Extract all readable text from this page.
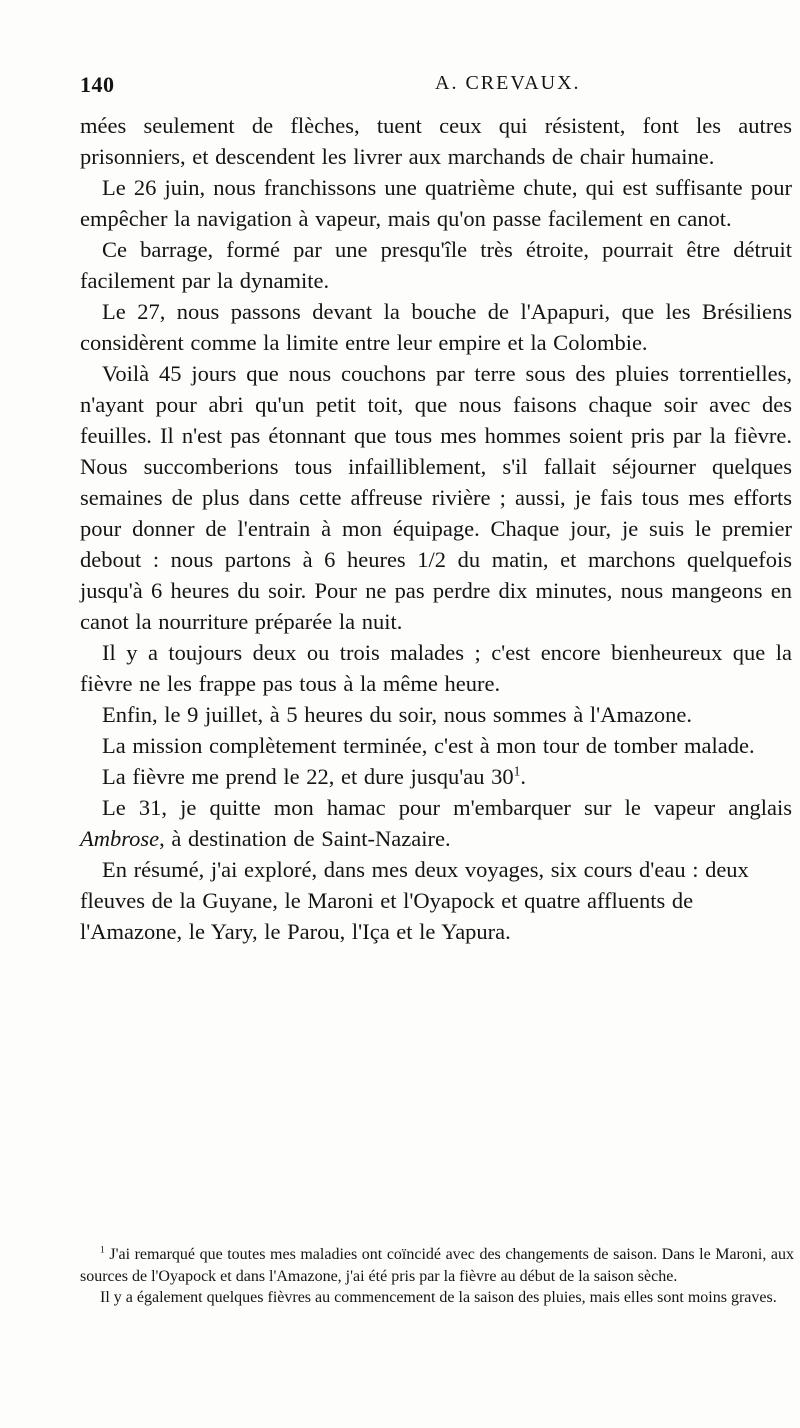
140	A. CREVAUX.

mées seulement de flèches, tuent ceux qui résistent, font les autres prisonniers, et descendent les livrer aux marchands de chair humaine.

Le 26 juin, nous franchissons une quatrième chute, qui est suffisante pour empêcher la navigation à vapeur, mais qu'on passe facilement en canot.

Ce barrage, formé par une presqu'île très étroite, pourrait être détruit facilement par la dynamite.

Le 27, nous passons devant la bouche de l'Apapuri, que les Brésiliens considèrent comme la limite entre leur empire et la Colombie.

Voilà 45 jours que nous couchons par terre sous des pluies torrentielles, n'ayant pour abri qu'un petit toit, que nous faisons chaque soir avec des feuilles. Il n'est pas étonnant que tous mes hommes soient pris par la fièvre. Nous succomberions tous infailliblement, s'il fallait séjourner quelques semaines de plus dans cette affreuse rivière ; aussi, je fais tous mes efforts pour donner de l'entrain à mon équipage. Chaque jour, je suis le premier debout : nous partons à 6 heures 1/2 du matin, et marchons quelquefois jusqu'à 6 heures du soir. Pour ne pas perdre dix minutes, nous mangeons en canot la nourriture préparée la nuit.

Il y a toujours deux ou trois malades ; c'est encore bienheureux que la fièvre ne les frappe pas tous à la même heure.

Enfin, le 9 juillet, à 5 heures du soir, nous sommes à l'Amazone.

La mission complètement terminée, c'est à mon tour de tomber malade.

La fièvre me prend le 22, et dure jusqu'au $30^1$.

Le 31, je quitte mon hamac pour m'embarquer sur le vapeur anglais Ambrose, à destination de Saint-Nazaire.

En résumé, j'ai exploré, dans mes deux voyages, six cours d'eau : deux fleuves de la Guyane, le Maroni et l'Oyapock et quatre affluents de l'Amazone, le Yary, le Parou, l'Iça et le Yapura.

$^1$ J'ai remarqué que toutes mes maladies ont coïncidé avec des changements de saison. Dans le Maroni, aux sources de l'Oyapock et dans l'Amazone, j'ai été pris par la fièvre au début de la saison sèche.

Il y a également quelques fièvres au commencement de la saison des pluies, mais elles sont moins graves.
